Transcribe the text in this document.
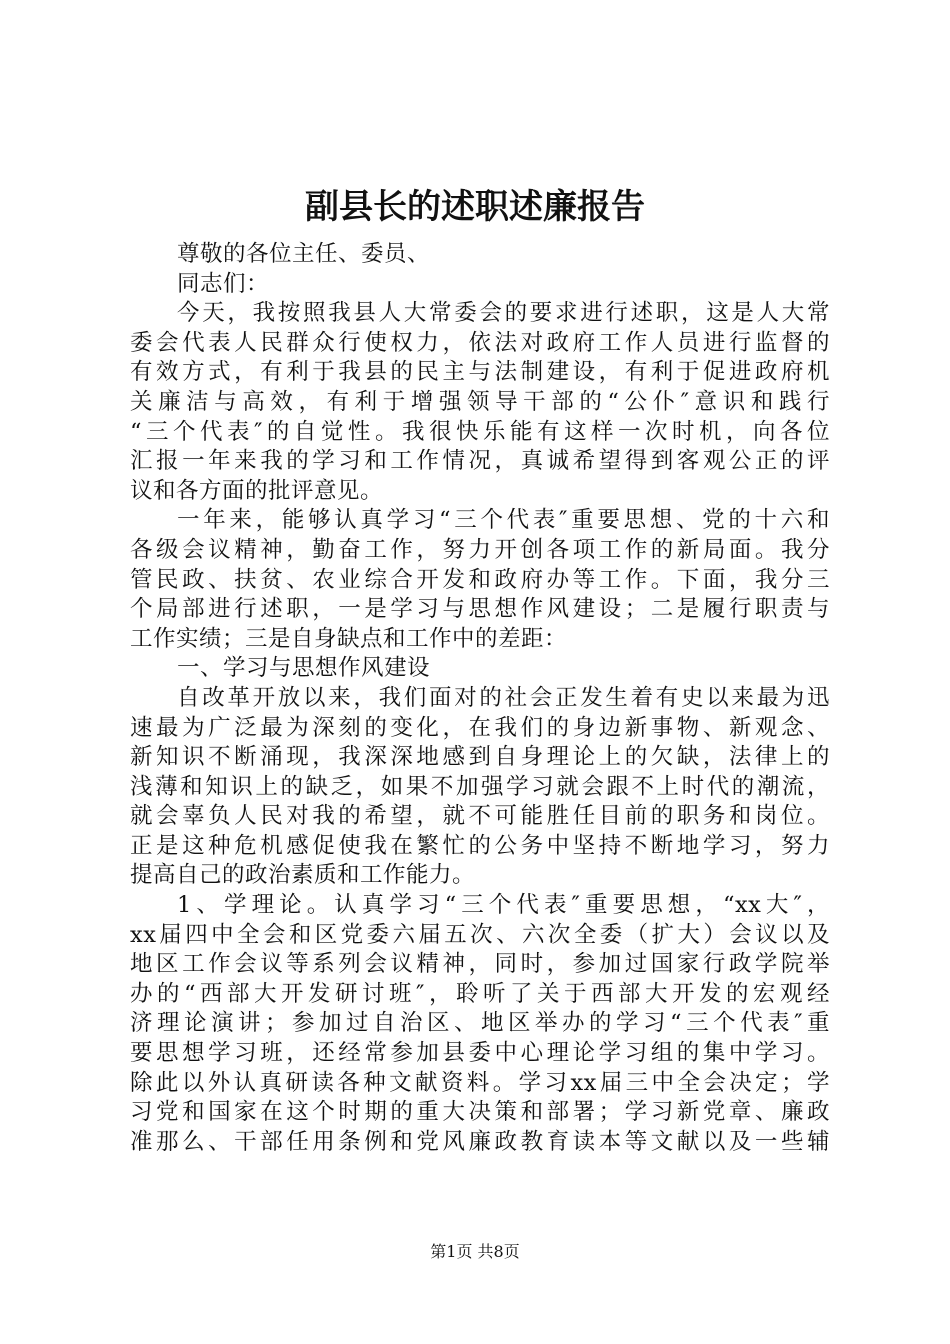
副县长的述职述廉报告
尊敬的各位主任、委员、
同志们：
今天，我按照我县人大常委会的要求进行述职，这是人大常
委会代表人民群众行使权力，依法对政府工作人员进行监督的
有效方式，有利于我县的民主与法制建设，有利于促进政府机
关廉洁与高效，有利于增强领导干部的“公仆″意识和践行
“三个代表″的自觉性。我很快乐能有这样一次时机，向各位
汇报一年来我的学习和工作情况，真诚希望得到客观公正的评
议和各方面的批评意见。
一年来，能够认真学习“三个代表″重要思想、党的十六和
各级会议精神，勤奋工作，努力开创各项工作的新局面。我分
管民政、扶贫、农业综合开发和政府办等工作。下面，我分三
个局部进行述职，一是学习与思想作风建设；二是履行职责与
工作实绩；三是自身缺点和工作中的差距：
一、学习与思想作风建设
自改革开放以来，我们面对的社会正发生着有史以来最为迅
速最为广泛最为深刻的变化，在我们的身边新事物、新观念、
新知识不断涌现，我深深地感到自身理论上的欠缺，法律上的
浅薄和知识上的缺乏，如果不加强学习就会跟不上时代的潮流，
就会辜负人民对我的希望，就不可能胜任目前的职务和岗位。
正是这种危机感促使我在繁忙的公务中坚持不断地学习，努力
提高自己的政治素质和工作能力。
1、学理论。认真学习“三个代表″重要思想，“xx大″，
xx届四中全会和区党委六届五次、六次全委（扩大）会议以及
地区工作会议等系列会议精神，同时，参加过国家行政学院举
办的“西部大开发研讨班″，聆听了关于西部大开发的宏观经
济理论演讲；参加过自治区、地区举办的学习“三个代表″重
要思想学习班，还经常参加县委中心理论学习组的集中学习。
除此以外认真研读各种文献资料。学习xx届三中全会决定；学
习党和国家在这个时期的重大决策和部署；学习新党章、廉政
准那么、干部任用条例和党风廉政教育读本等文献以及一些辅
第1页 共8页
